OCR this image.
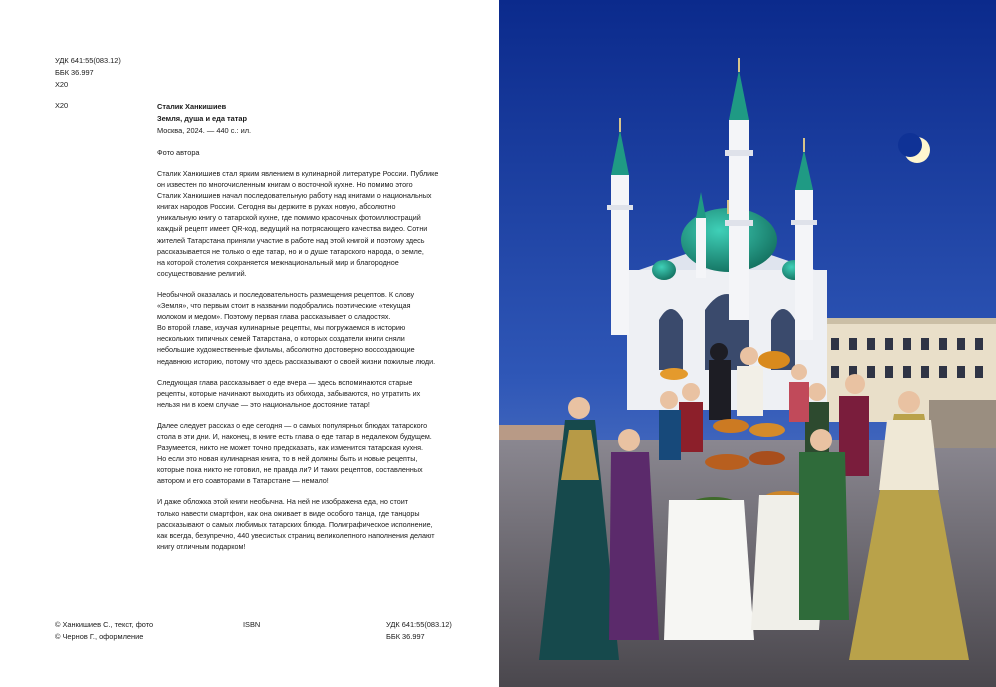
УДК 641:55(083.12)
ББК 36.997
Х20
Х20	Сталик Ханкишиев
Земля, душа и еда татар
Москва, 2024. — 440 с.: ил.
Фото автора

Сталик Ханкишиев стал ярким явлением в кулинарной литературе России. Публике
он известен по многочисленным книгам о восточной кухне. Но помимо этого
Сталик Ханкишиев начал последовательную работу над книгами о национальных
книгах народов России. Сегодня вы держите в руках новую, абсолютно
уникальную книгу о татарской кухне, где помимо красочных фотоиллюстраций
каждый рецепт имеет QR-код, ведущий на потрясающего качества видео. Сотни
жителей Татарстана приняли участие в работе над этой книгой и поэтому здесь
рассказывается не только о еде татар, но и о душе татарского народа, о земле,
на которой столетия сохраняется межнациональный мир и благородное
сосуществование религий.

Необычной оказалась и последовательность размещения рецептов. К слову
«Земля», что первым стоит в названии подобрались поэтические «текущая
молоком и медом». Поэтому первая глава рассказывает о сладостях.
Во второй главе, изучая кулинарные рецепты, мы погружаемся в историю
нескольких типичных семей Татарстана, о которых создатели книги сняли
небольшие художественные фильмы, абсолютно достоверно воссоздающие
недавнюю историю, потому что здесь рассказывают о своей жизни пожилые люди.

Следующая глава рассказывает о еде вчера — здесь вспоминаются старые
рецепты, которые начинают выходить из обихода, забываются, но утратить их
нельзя ни в коем случае — это национальное достояние татар!

Далее следует рассказ о еде сегодня — о самых популярных блюдах татарского
стола в эти дни. И, наконец, в книге есть глава о еде татар в недалеком будущем.
Разумеется, никто не может точно предсказать, как изменится татарская кухня.
Но если это новая кулинарная книга, то в ней должны быть и новые рецепты,
которые пока никто не готовил, не правда ли? И таких рецептов, составленных
автором и его соавторами в Татарстане — немало!

И даже обложка этой книги необычна. На ней не изображена еда, но стоит
только навести смартфон, как она оживает в виде особого танца, где танцоры
рассказывают о самых любимых татарских блюда. Полиграфическое исполнение,
как всегда, безупречно, 440 увесистых страниц великолепного наполнения делают
книгу отличным подарком!

© Ханкишиев С., текст, фото
© Чернов Г., оформление
ISBN	УДК 641:55(083.12)
ББК 36.997
